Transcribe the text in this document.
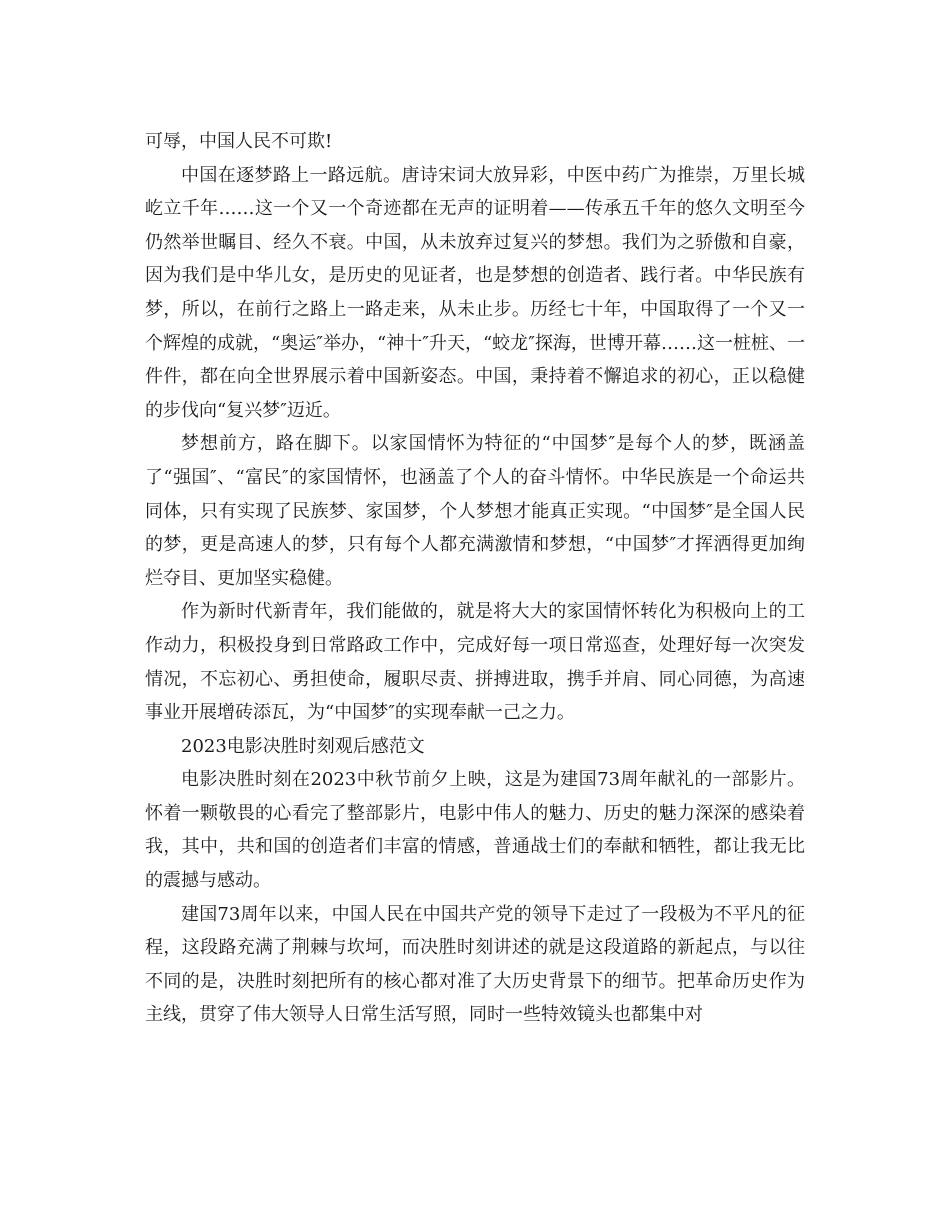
可辱，中国人民不可欺!

中国在逐梦路上一路远航。唐诗宋词大放异彩，中医中药广为推崇，万里长城屹立千年……这一个又一个奇迹都在无声的证明着——传承五千年的悠久文明至今仍然举世瞩目、经久不衰。中国，从未放弃过复兴的梦想。我们为之骄傲和自豪，因为我们是中华儿女，是历史的见证者，也是梦想的创造者、践行者。中华民族有梦，所以，在前行之路上一路走来，从未止步。历经七十年，中国取得了一个又一个辉煌的成就，“奥运″举办，“神十″升天，“蛟龙″探海，世博开幕……这一桩桩、一件件，都在向全世界展示着中国新姿态。中国，秉持着不懈追求的初心，正以稳健的步伐向“复兴梦″迈近。

梦想前方，路在脚下。以家国情怀为特征的“中国梦″是每个人的梦，既涵盖了“强国″、“富民″的家国情怀，也涵盖了个人的奋斗情怀。中华民族是一个命运共同体，只有实现了民族梦、家国梦，个人梦想才能真正实现。“中国梦″是全国人民的梦，更是高速人的梦，只有每个人都充满激情和梦想，“中国梦″才挥洒得更加绚烂夺目、更加坚实稳健。

作为新时代新青年，我们能做的，就是将大大的家国情怀转化为积极向上的工作动力，积极投身到日常路政工作中，完成好每一项日常巡查，处理好每一次突发情况，不忘初心、勇担使命，履职尽责、拼搏进取，携手并肩、同心同德，为高速事业开展增砖添瓦，为“中国梦″的实现奉献一己之力。

2023电影决胜时刻观后感范文

电影决胜时刻在2023中秋节前夕上映，这是为建国73周年献礼的一部影片。怀着一颗敬畏的心看完了整部影片，电影中伟人的魅力、历史的魅力深深的感染着我，其中，共和国的创造者们丰富的情感，普通战士们的奉献和牺牲，都让我无比的震撼与感动。

建国73周年以来，中国人民在中国共产党的领导下走过了一段极为不平凡的征程，这段路充满了荆棘与坎坷，而决胜时刻讲述的就是这段道路的新起点，与以往不同的是，决胜时刻把所有的核心都对准了大历史背景下的细节。把革命历史作为主线，贯穿了伟大领导人日常生活写照，同时一些特效镜头也都集中对
